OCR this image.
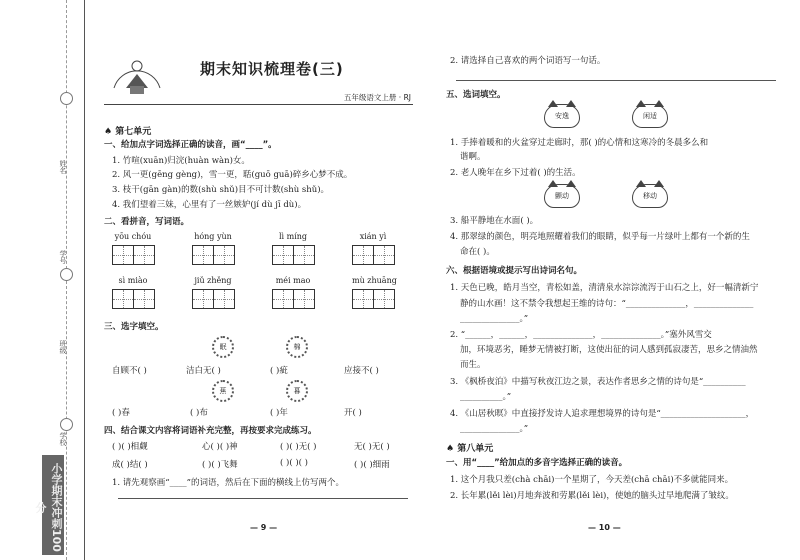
姓名
学号
班级
学校
小学期末冲刺100分
期末知识梳理卷(三)
五年级语文上册 · RJ
♠ 第七单元
一、给加点字词选择正确的读音，画“____”。
1. 竹喧(xuān)归浣(huàn wàn)女。
2. 风一更(gēng gèng)，雪一更，聒(guō guā)碎乡心梦不成。
3. 枝干(gān gàn)的数(shù shǔ)目不可计数(shù shǔ)。
4. 我们望着三妹，心里有了一丝嫉妒(jí dù jī dù)。
二、看拼音，写词语。
yōu chóu	hóng yùn	lì míng	xián yì
sì miào	jiǔ zhěng	méi mao	mù zhuāng
三、选字填空。
眠	棉
自顾不( )	洁白无( )	( )疵	应接不( )
蕉	暮
( )春	( )布	( )年	开( )
四、结合课文内容将词语补充完整，再按要求完成练习。
( )( )相觑	心( )( )神	( )( )无( )	无( )无( )
成( )结( )	( )( )飞舞	( )( )( )	( )( )细雨
1. 请先观察画“____”的词语，然后在下面的横线上仿写两个。
— 9 —
2. 请选择自己喜欢的两个词语写一句话。
五、选词填空。
安逸	闲适
1. 手捧着暖和的火盆穿过走廊时，那( )的心情和这寒冷的冬晨多么和
谐啊。
2. 老人晚年在乡下过着( )的生活。
颤动	移动
3. 船平静地在水面( )。
4. 那翠绿的颜色，明亮地照耀着我们的眼睛，似乎每一片绿叶上都有一个新的生
命在( )。
六、根据语境或提示写出诗词名句。
1. 天色已晚，皓月当空，青松如盖，清清泉水淙淙流泻于山石之上，好一幅清新宁
静的山水画！这不禁令我想起王维的诗句：“______________，______________
______________。”
2. “______，______，______________，______________。”塞外风雪交
加，环境恶劣，睡梦无情被打断，这使出征的词人感到孤寂凄苦，思乡之情油然
而生。
3. 《枫桥夜泊》中描写秋夜江边之景，表达作者思乡之情的诗句是“__________
__________。”
4. 《山居秋暝》中直接抒发诗人追求理想境界的诗句是“____________________，
______________。”
♠ 第八单元
一、用“____”给加点的多音字选择正确的读音。
1. 这个月我只差(chà chāi)一个星期了，今天差(chā chāi)不多就能同来。
2. 长年累(lěi lèi)月地奔波和劳累(lěi lèi)，使她的脑头过早地爬满了皱纹。
— 10 —
